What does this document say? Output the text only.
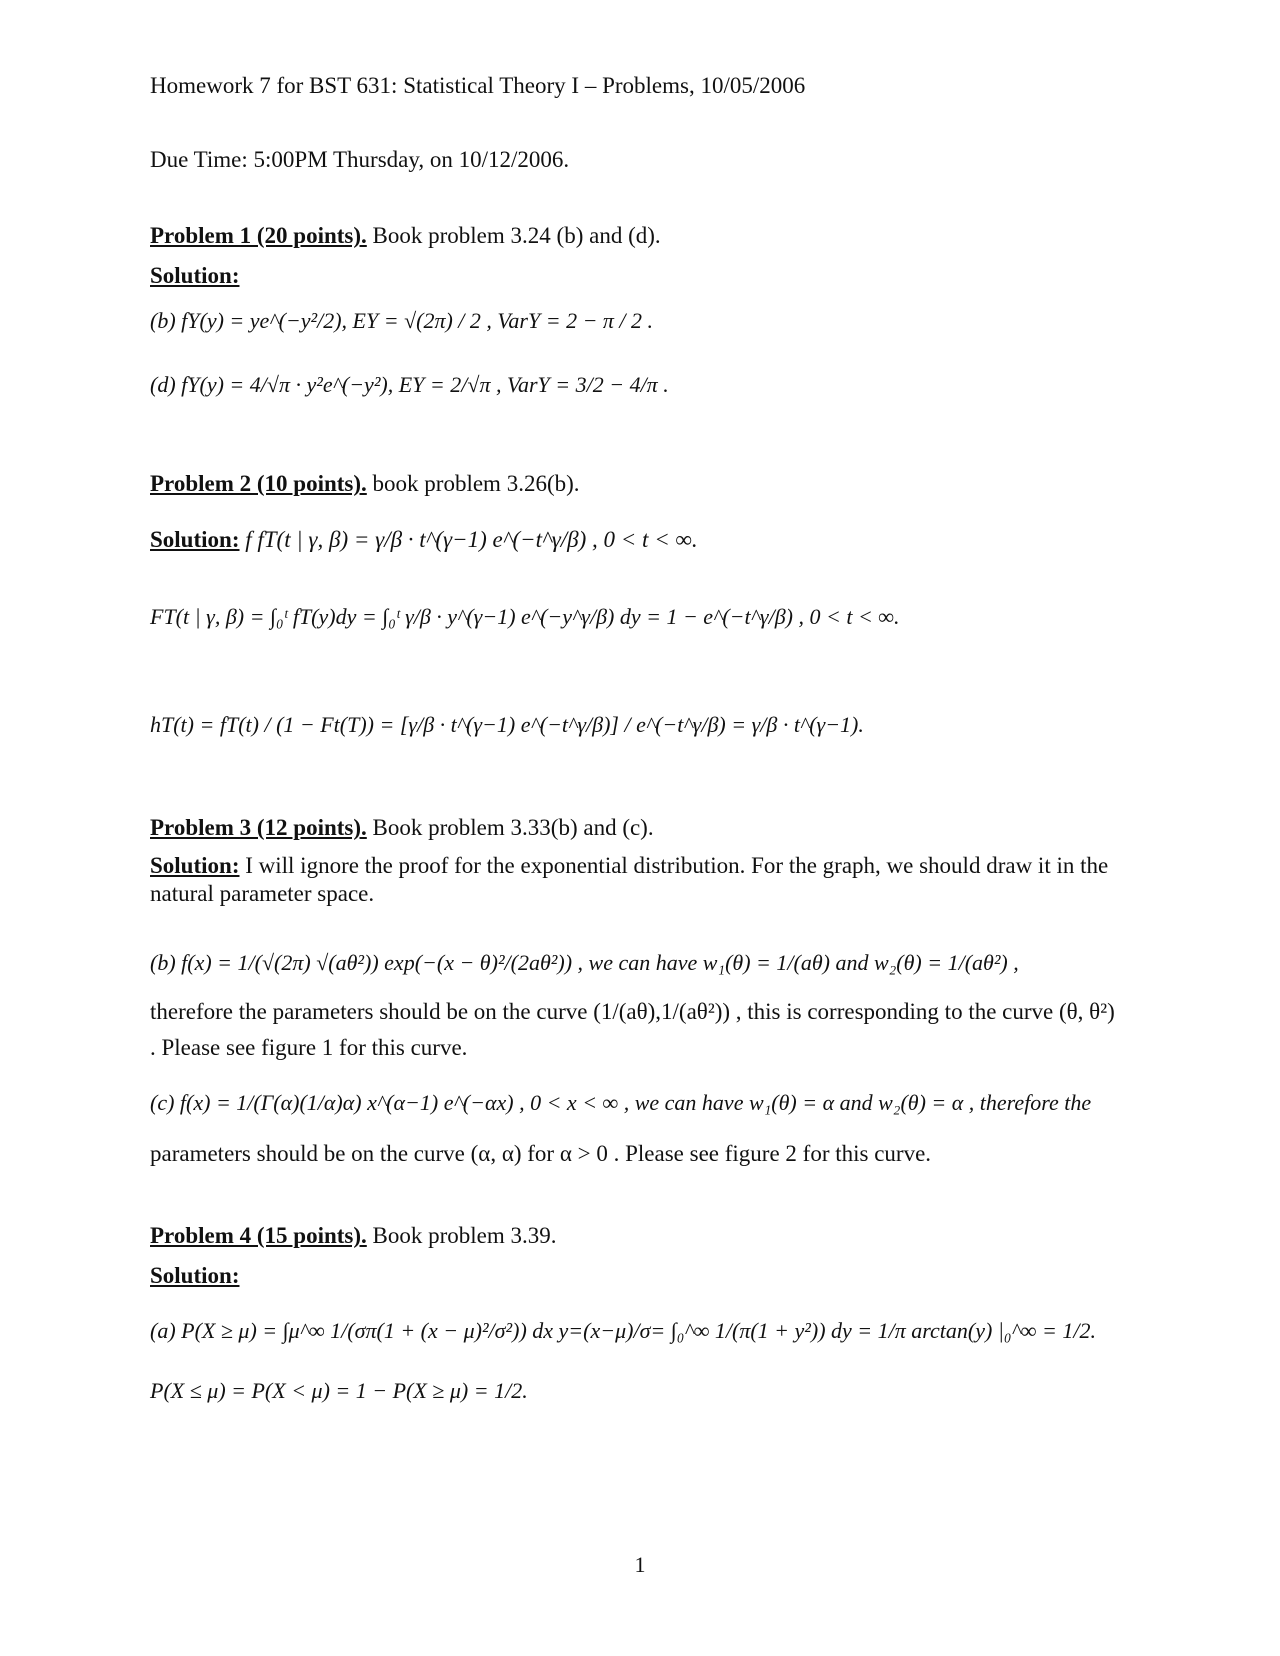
Homework 7 for BST 631: Statistical Theory I – Problems, 10/05/2006
Due Time: 5:00PM Thursday, on 10/12/2006.
Problem 1 (20 points). Book problem 3.24 (b) and (d).
Solution:
(b) fY(y) = ye^(−y²/2), EY = √(2π) / 2 , VarY = 2 − π / 2 .
(d) fY(y) = 4/√π · y²e^(−y²), EY = 2/√π , VarY = 3/2 − 4/π .
Problem 2 (10 points). book problem 3.26(b).
Solution: f fT(t | γ, β) = γ/β · t^(γ−1) e^(−t^γ/β) , 0 < t < ∞.
FT(t | γ, β) = ∫₀ᵗ fT(y)dy = ∫₀ᵗ γ/β · y^(γ−1) e^(−y^γ/β) dy = 1 − e^(−t^γ/β) , 0 < t < ∞.
hT(t) = fT(t) / (1 − Ft(T)) = [γ/β · t^(γ−1) e^(−t^γ/β)] / e^(−t^γ/β) = γ/β · t^(γ−1).
Problem 3 (12 points). Book problem 3.33(b) and (c).
Solution: I will ignore the proof for the exponential distribution. For the graph, we should draw it in the natural parameter space.
(b) f(x) = 1/(√(2π) √(aθ²)) exp(−(x − θ)²/(2aθ²)) , we can have w₁(θ) = 1/(aθ) and w₂(θ) = 1/(aθ²) ,
therefore the parameters should be on the curve (1/(aθ),1/(aθ²)) , this is corresponding to the curve (θ, θ²) . Please see figure 1 for this curve.
(c) f(x) = 1/(Γ(α)(1/α)α) x^(α−1) e^(−αx) , 0 < x < ∞ , we can have w₁(θ) = α and w₂(θ) = α , therefore the
parameters should be on the curve (α, α) for α > 0 . Please see figure 2 for this curve.
Problem 4 (15 points). Book problem 3.39.
Solution:
(a) P(X ≥ μ) = ∫μ^∞ 1/(σπ(1 + (x − μ)²/σ²)) dx y=(x−μ)/σ= ∫₀^∞ 1/(π(1 + y²)) dy = 1/π arctan(y) |₀^∞ = 1/2.
P(X ≤ μ) = P(X < μ) = 1 − P(X ≥ μ) = 1/2.
1
